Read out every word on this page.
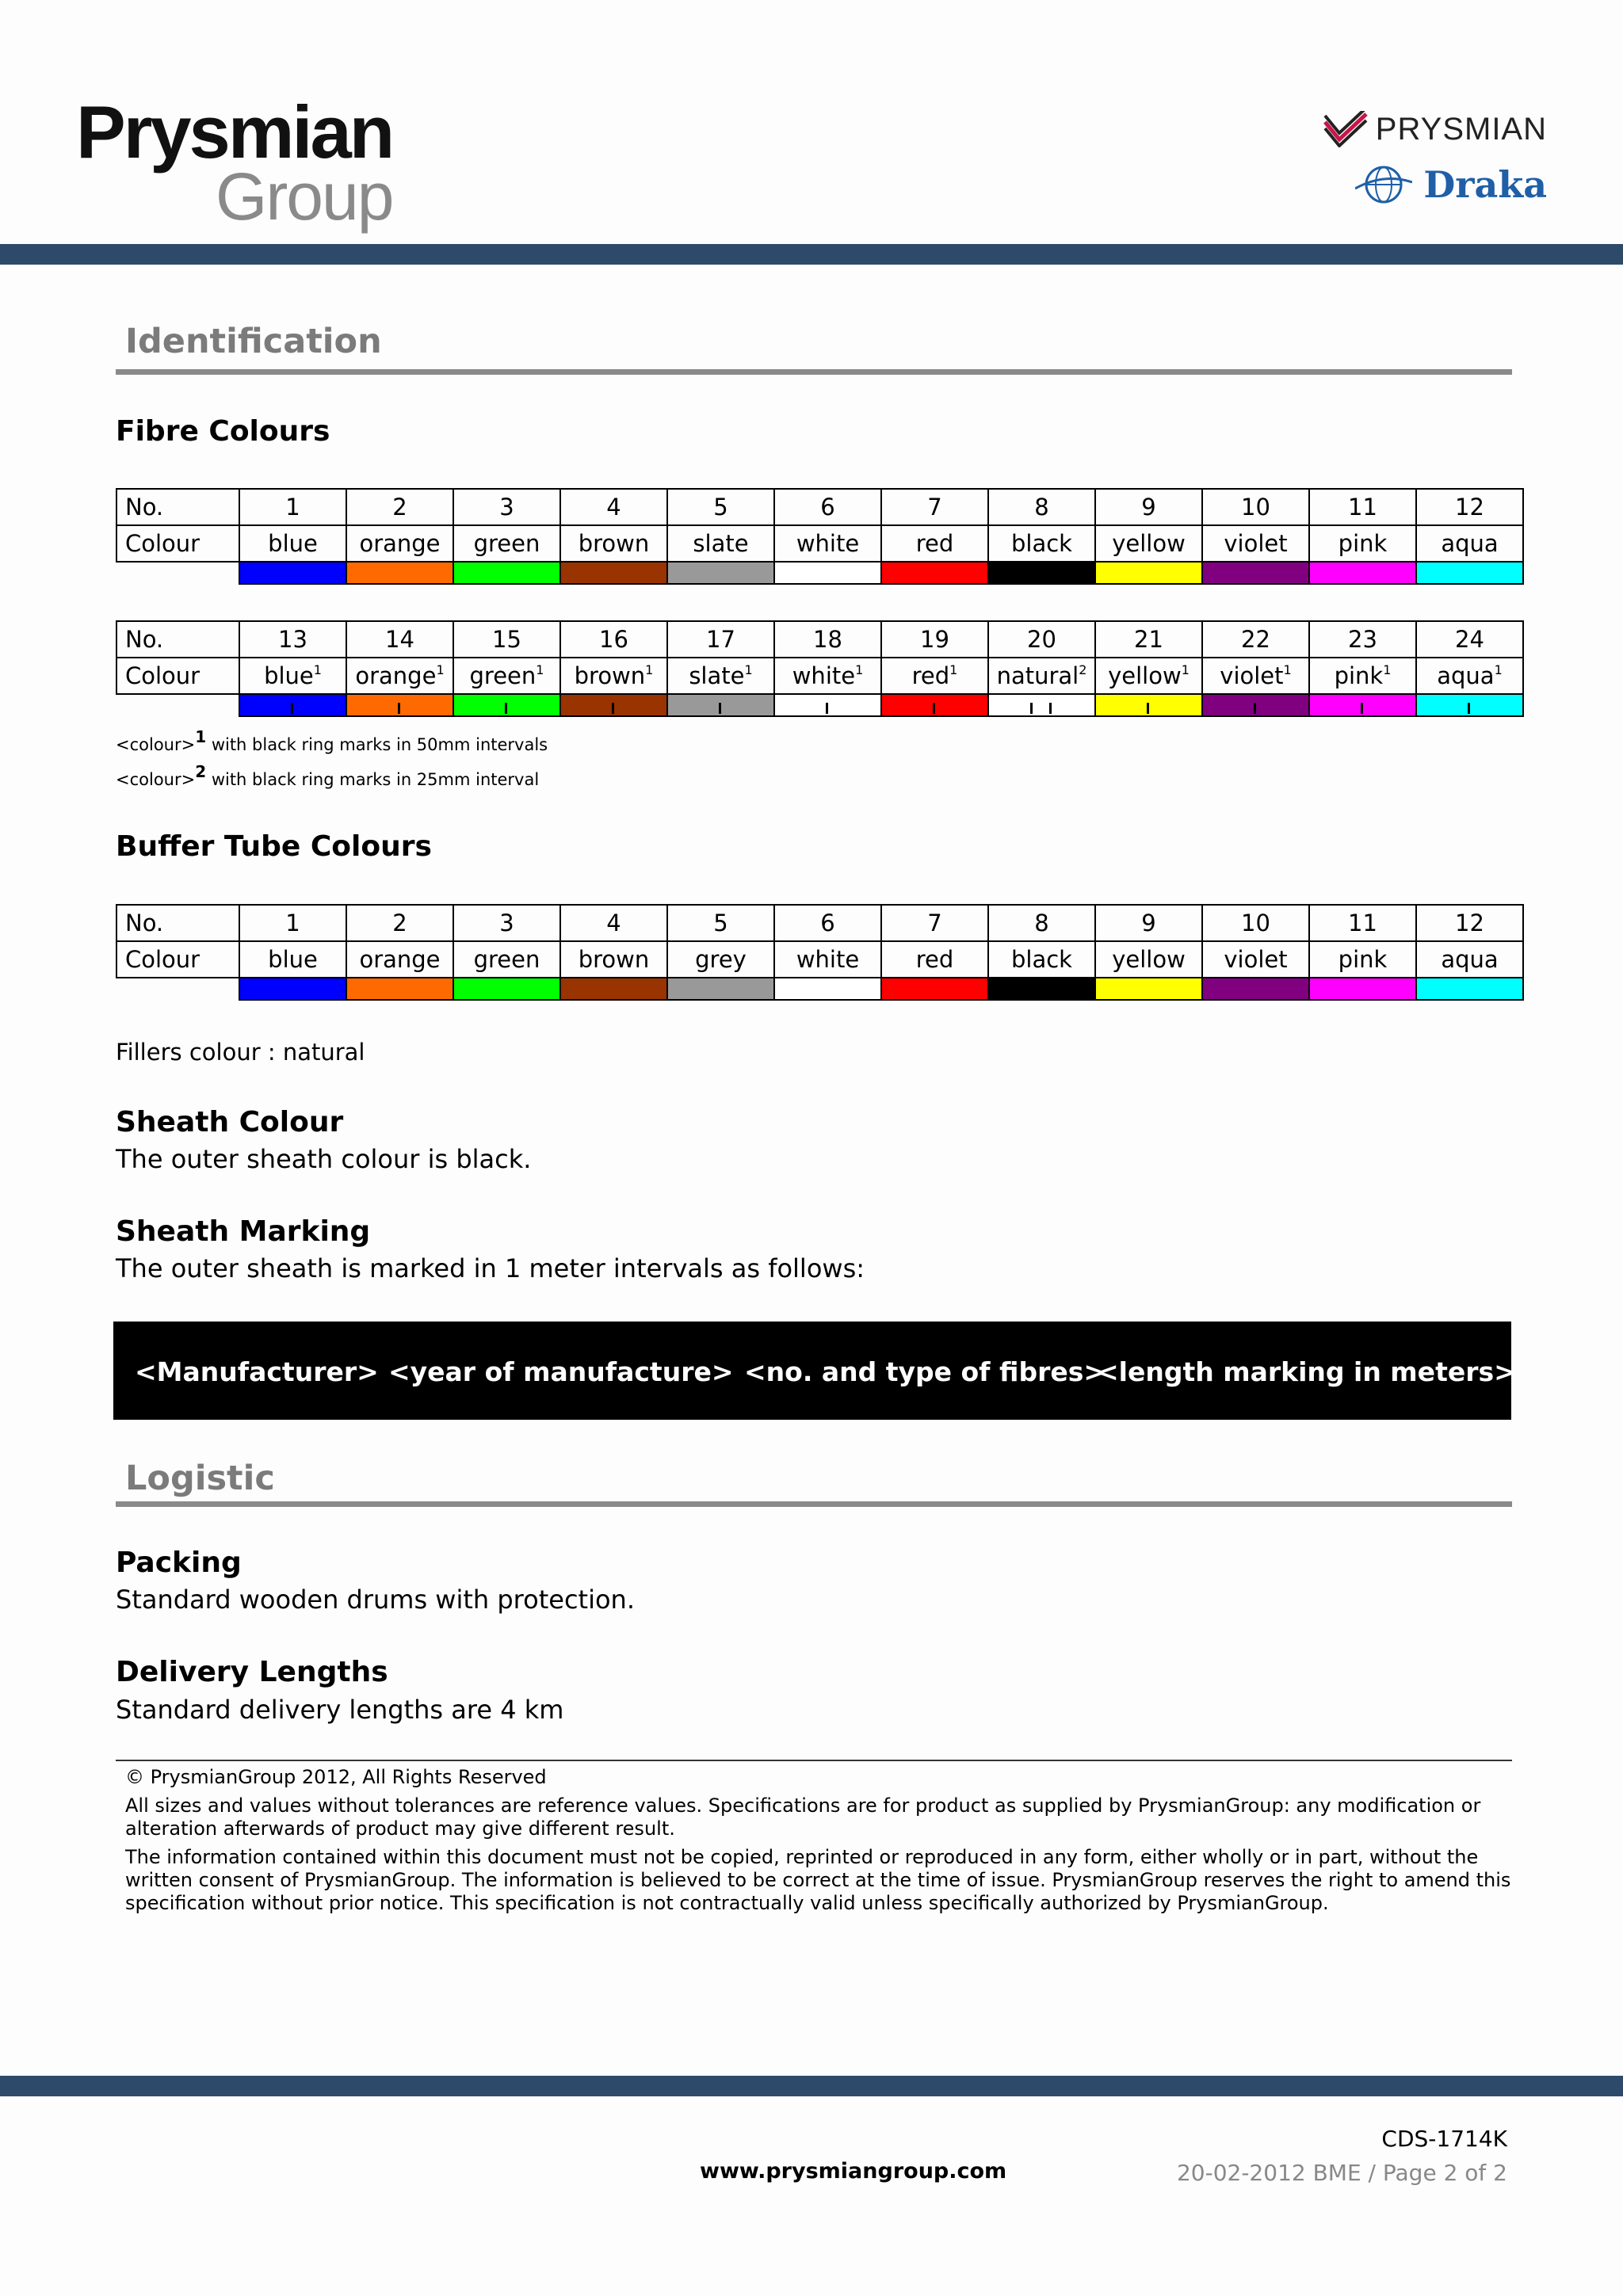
Prysmian
Group
PRYSMIAN
Draka
Identification
Fibre Colours
No.	1	2	3	4	5	6	7	8	9	10	11	12
Colour	blue	orange	green	brown	slate	white	red	black	yellow	violet	pink	aqua

No.	13	14	15	16	17	18	19	20	21	22	23	24
Colour	blue$^1$	orange$^1$	green$^1$	brown$^1$	slate$^1$	white$^1$	red$^1$	natural$^2$	yellow$^1$	violet$^1$	pink$^1$	aqua$^1$

<colour>$^1$ with black ring marks in 50mm intervals
<colour>$^2$ with black ring marks in 25mm interval
Buffer Tube Colours
No.	1	2	3	4	5	6	7	8	9	10	11	12
Colour	blue	orange	green	brown	grey	white	red	black	yellow	violet	pink	aqua

Fillers colour : natural
Sheath Colour
The outer sheath colour is black.
Sheath Marking
The outer sheath is marked in 1 meter intervals as follows:
<Manufacturer> <year of manufacture> <no. and type of fibres>
<length marking in meters>
Logistic
Packing
Standard wooden drums with protection.
Delivery Lengths
Standard delivery lengths are 4 km
© PrysmianGroup 2012, All Rights Reserved
All sizes and values without tolerances are reference values. Specifications are for product as supplied by PrysmianGroup: any modification or alteration afterwards of product may give different result.
The information contained within this document must not be copied, reprinted or reproduced in any form, either wholly or in part, without the written consent of PrysmianGroup. The information is believed to be correct at the time of issue. PrysmianGroup reserves the right to amend this specification without prior notice. This specification is not contractually valid unless specifically authorized by PrysmianGroup.
CDS-1714K
www.prysmiangroup.com	20-02-2012 BME / Page 2 of 2
